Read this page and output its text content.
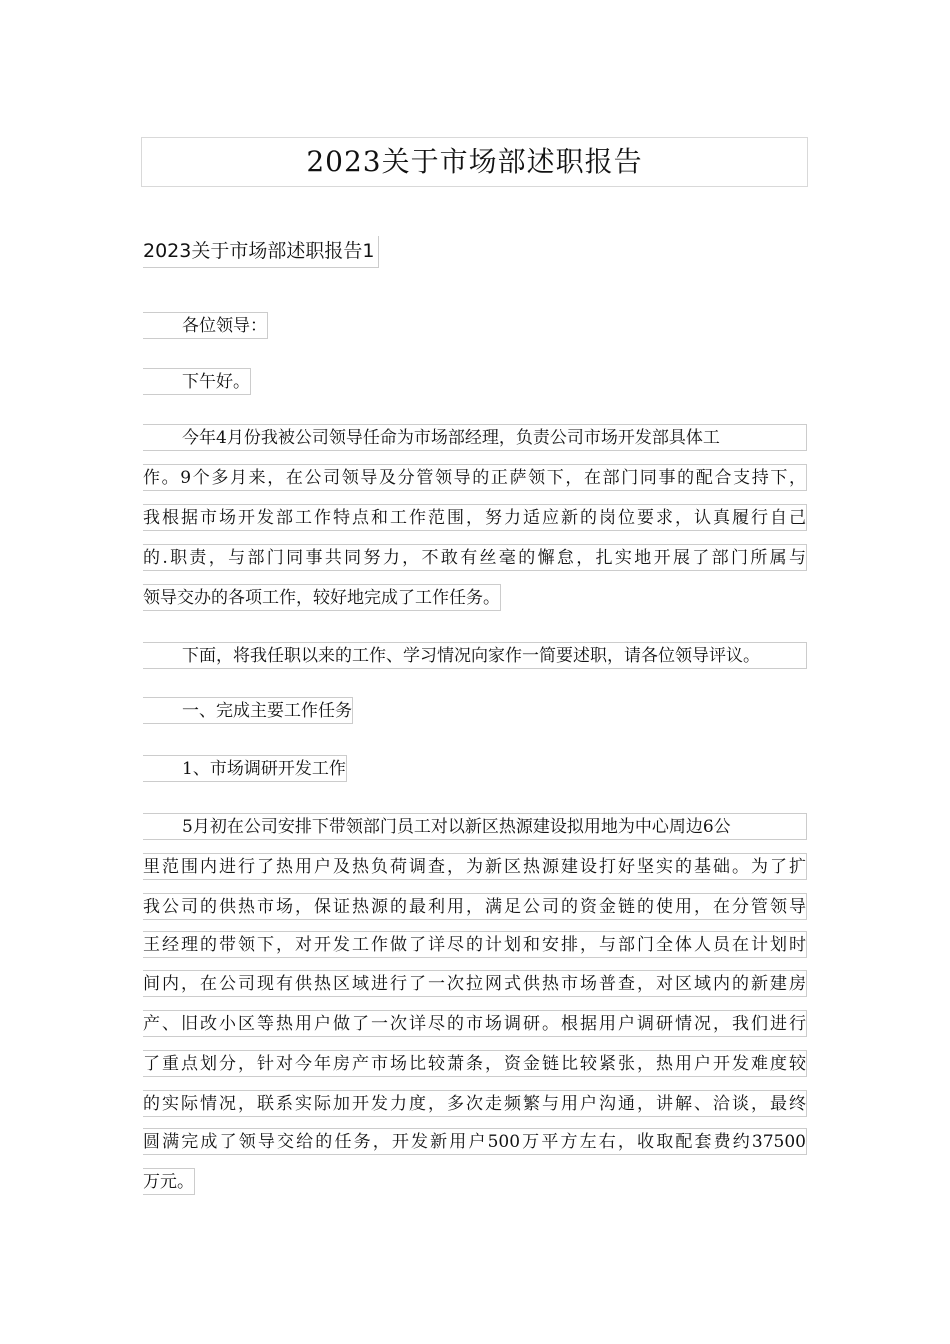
2023关于市场部述职报告
2023关于市场部述职报告1
各位领导：
下午好。
今年4月份我被公司领导任命为市场部经理，负责公司市场开发部具体工
作。9个多月来，在公司领导及分管领导的正萨领下，在部门同事的配合支持下，
我根据市场开发部工作特点和工作范围，努力适应新的岗位要求，认真履行自己
的.职责，与部门同事共同努力，不敢有丝毫的懈怠，扎实地开展了部门所属与
领导交办的各项工作，较好地完成了工作任务。
下面，将我任职以来的工作、学习情况向家作一简要述职，请各位领导评议。
一、完成主要工作任务
1、市场调研开发工作
5月初在公司安排下带领部门员工对以新区热源建设拟用地为中心周边6公
里范围内进行了热用户及热负荷调查，为新区热源建设打好坚实的基础。为了扩
我公司的供热市场，保证热源的最利用，满足公司的资金链的使用，在分管领导
王经理的带领下，对开发工作做了详尽的计划和安排，与部门全体人员在计划时
间内，在公司现有供热区域进行了一次拉网式供热市场普查，对区域内的新建房
产、旧改小区等热用户做了一次详尽的市场调研。根据用户调研情况，我们进行
了重点划分，针对今年房产市场比较萧条，资金链比较紧张，热用户开发难度较
的实际情况，联系实际加开发力度，多次走频繁与用户沟通，讲解、洽谈，最终
圆满完成了领导交给的任务，开发新用户500万平方左右，收取配套费约37500
万元。
